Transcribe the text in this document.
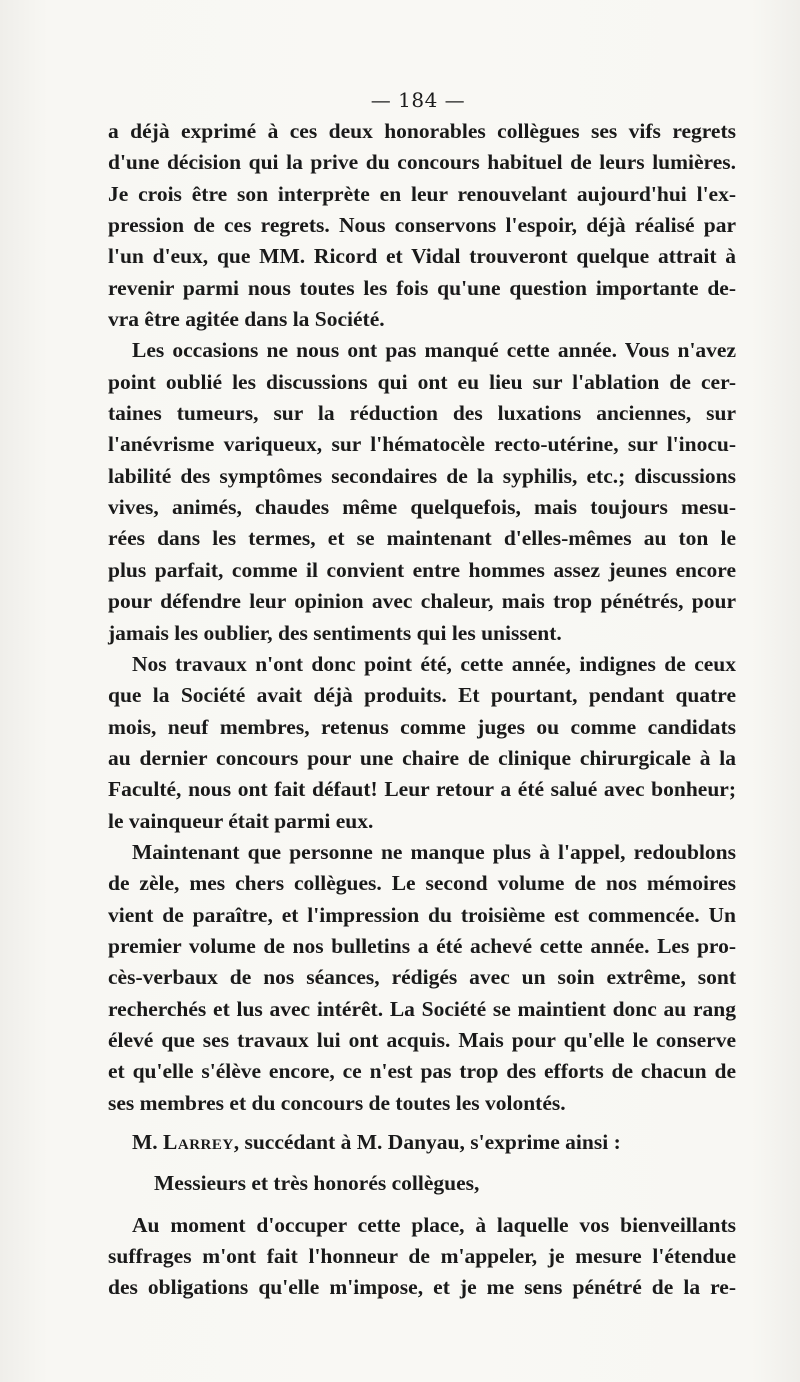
— 184 —
a déjà exprimé à ces deux honorables collègues ses vifs regrets
d'une décision qui la prive du concours habituel de leurs lumières.
Je crois être son interprète en leur renouvelant aujourd'hui l'ex-
pression de ces regrets. Nous conservons l'espoir, déjà réalisé par
l'un d'eux, que MM. Ricord et Vidal trouveront quelque attrait à
revenir parmi nous toutes les fois qu'une question importante de-
vra être agitée dans la Société.
Les occasions ne nous ont pas manqué cette année. Vous n'avez
point oublié les discussions qui ont eu lieu sur l'ablation de cer-
taines tumeurs, sur la réduction des luxations anciennes, sur
l'anévrisme variqueux, sur l'hématocèle recto-utérine, sur l'inocu-
labilité des symptômes secondaires de la syphilis, etc.; discussions
vives, animés, chaudes même quelquefois, mais toujours mesu-
rées dans les termes, et se maintenant d'elles-mêmes au ton le
plus parfait, comme il convient entre hommes assez jeunes encore
pour défendre leur opinion avec chaleur, mais trop pénétrés, pour
jamais les oublier, des sentiments qui les unissent.
Nos travaux n'ont donc point été, cette année, indignes de ceux
que la Société avait déjà produits. Et pourtant, pendant quatre
mois, neuf membres, retenus comme juges ou comme candidats
au dernier concours pour une chaire de clinique chirurgicale à la
Faculté, nous ont fait défaut! Leur retour a été salué avec bonheur;
le vainqueur était parmi eux.
Maintenant que personne ne manque plus à l'appel, redoublons
de zèle, mes chers collègues. Le second volume de nos mémoires
vient de paraître, et l'impression du troisième est commencée. Un
premier volume de nos bulletins a été achevé cette année. Les pro-
cès-verbaux de nos séances, rédigés avec un soin extrême, sont
recherchés et lus avec intérêt. La Société se maintient donc au rang
élevé que ses travaux lui ont acquis. Mais pour qu'elle le conserve
et qu'elle s'élève encore, ce n'est pas trop des efforts de chacun de
ses membres et du concours de toutes les volontés.
M. Larrey, succédant à M. Danyau, s'exprime ainsi :
Messieurs et très honorés collègues,
Au moment d'occuper cette place, à laquelle vos bienveillants
suffrages m'ont fait l'honneur de m'appeler, je mesure l'étendue
des obligations qu'elle m'impose, et je me sens pénétré de la re-
